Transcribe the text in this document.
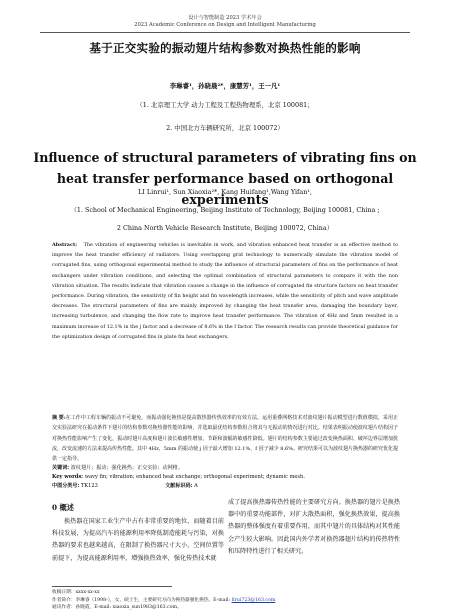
设计与智能制造 2023 学术年会
2023 Academic Conference on Design and Intelligent Manufacturing
基于正交实验的振动翅片结构参数对换热性能的影响
李琳睿¹，孙晓晨²*，康慧芳¹，王一凡¹
（1. 北京理工大学 动力工程及工程热物理系，北京 100081；
2. 中国北方车辆研究所，北京 100072）
Influence of structural parameters of vibrating fins on heat transfer performance based on orthogonal experiments
LI Linrui¹, Sun Xiaoxia²*, Kang Huifang¹,Wang Yifan¹,
（1. School of Mechanical Engineering, Beijing Institute of Technology, Beijing 100081, China ;
2 China North Vehicle Research Institute, Beijing 100072, China）
Abstract: The vibration of engineering vehicles is inevitable in work, and vibration enhanced heat transfer is an effective method to improve the heat transfer efficiency of radiators. Using overlapping grid technology to numerically simulate the vibration model of corrugated fins, using orthogonal experimental method to study the influence of structural parameters of fins on the performance of heat exchangers under vibration conditions, and selecting the optimal combination of structural parameters to compare it with the non vibration situation. The results indicate that vibration causes a change in the influence of corrugated fin structure factors on heat transfer performance. During vibration, the sensitivity of fin height and fin wavelength increases, while the sensitivity of pitch and wave amplitude decreases. The structural parameters of fins are mainly improved by changing the heat transfer area, damaging the boundary layer, increasing turbulence, and changing the flow rate to improve heat transfer performance. The vibration of 4Hz and 5mm resulted in a maximum increase of 12.1% in the j factor and a decrease of 8.6% in the f factor. The research results can provide theoretical guidance for the optimization design of corrugated fins in plate fin heat exchangers.
摘 要:在工作中工程车辆的振动不可避免，而振动强化换热是提高散热器传热效率的有效方法。运用重叠网格技术对波纹翅片振动模型进行数值模拟，采用正交实验法研究在振动条件下翅片的结构参数对换热器性能的影响，并选取最优结构参数组合将其与无振动的情况进行对比。结果表明振动使波纹翅片结构因子对换热性能影响产生了变化，振动时翅片高度和翅片波长敏感性增加，节距和波幅的敏感性降低。翅片的结构参数主要通过改变换热面积、破坏边界层增加扰流，改变流速的方法来提高传热性能。其中 4Hz，5mm 的振动使 j 因子最大增加 12.1%，f 因子减少 8.6%。研究结果可以为波纹翅片换热器的研究优化提供一定指导。
关键词: 波纹翅片；振动；强化换热；正交实验；动网格。
Key words: wavy fin; vibration; enhanced heat exchange; orthogonal experiment; dynamic mesh.
中图分类号: TK123	文献标识码: A
0 概述
换热器在国家工业生产中占有非常重要的地位，而随着目前科技发展，为提高汽车的能源利用率降低制造能耗与污染，对换热器的要求也越来越高，在限制了换热器尺寸大小，空间位置等前提下，为提高能源利用率，增强换热效率，强化传热技术就
成了提高换热器传热性能的主要研究方向。换热器的翅片是换热器中的重要功能部件，对扩大散热面积，强化换热效果，提高换热器的整体强度有着重要作用，而其中翅片的具体结构对其性能会产生较大影响。因此国内外学者对换热器翅片结构的传热特性和压降特性进行了相关研究。
收稿日期：xxxx-xx-xx
作者简介：李琳睿（1998-），女，硕士生，主要研究方向为换热器强化换热。E-mail: llrui723@163.com
通讯作者：孙晓霞，E-mail: xiaoxia_sun1983@163.com。
